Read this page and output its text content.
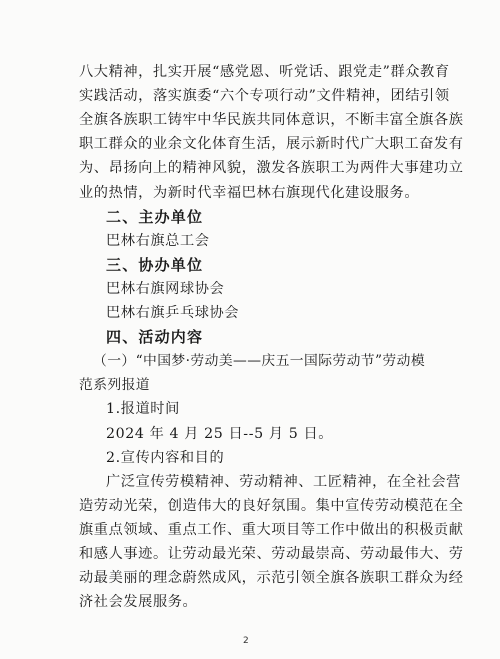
八大精神，扎实开展“感党恩、听党话、跟党走”群众教育
实践活动，落实旗委“六个专项行动”文件精神，团结引领
全旗各族职工铸牢中华民族共同体意识，不断丰富全旗各族
职工群众的业余文化体育生活，展示新时代广大职工奋发有
为、昂扬向上的精神风貌，激发各族职工为两件大事建功立
业的热情，为新时代幸福巴林右旗现代化建设服务。
二、主办单位
巴林右旗总工会
三、协办单位
巴林右旗网球协会
巴林右旗乒乓球协会
四、活动内容
（一）“中国梦·劳动美——庆五一国际劳动节”劳动模
范系列报道
1.报道时间
2024 年 4 月 25 日--5 月 5 日。
2.宣传内容和目的
广泛宣传劳模精神、劳动精神、工匠精神，在全社会营
造劳动光荣，创造伟大的良好氛围。集中宣传劳动模范在全
旗重点领域、重点工作、重大项目等工作中做出的积极贡献
和感人事迹。让劳动最光荣、劳动最崇高、劳动最伟大、劳
动最美丽的理念蔚然成风，示范引领全旗各族职工群众为经
济社会发展服务。
2
